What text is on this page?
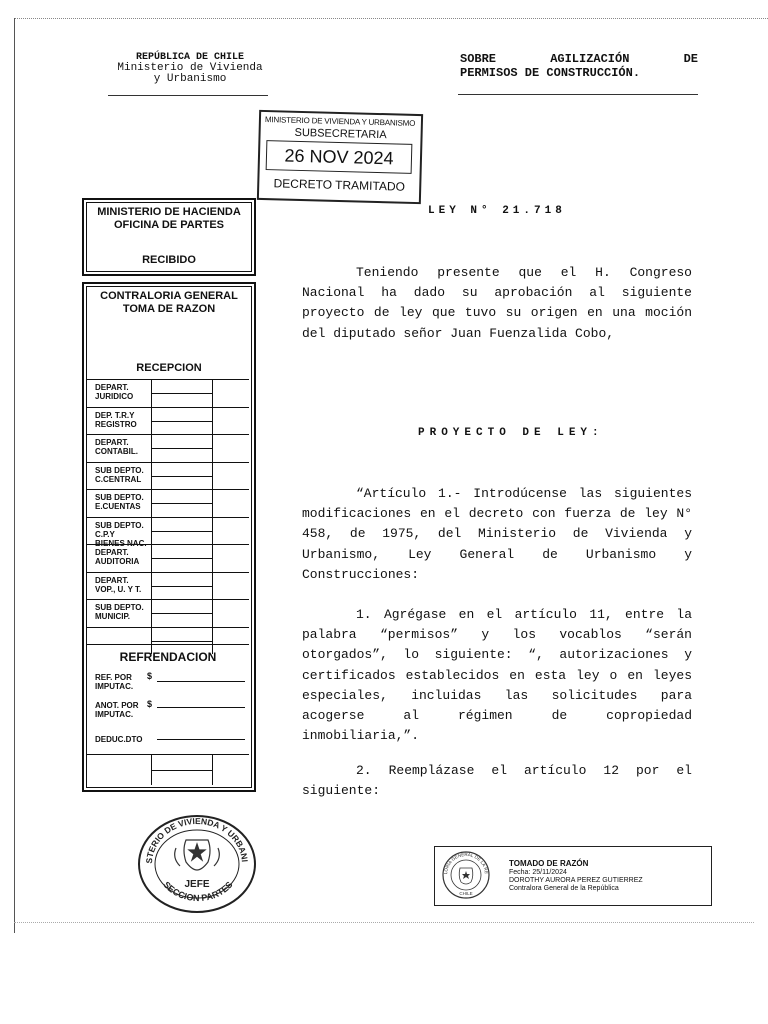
REPÚBLICA DE CHILE
Ministerio de Vivienda
y Urbanismo
SOBRE	AGILIZACIÓN	DE
PERMISOS DE CONSTRUCCIÓN.
MINISTERIO DE VIVIENDA Y URBANISMO
SUBSECRETARIA
26 NOV 2024
DECRETO TRAMITADO
MINISTERIO DE HACIENDA
OFICINA DE PARTES
RECIBIDO
CONTRALORIA GENERAL
TOMA DE RAZON
RECEPCION
DEPART.
JURIDICO
DEP. T.R.Y
REGISTRO
DEPART.
CONTABIL.
SUB DEPTO.
C.CENTRAL
SUB DEPTO.
E.CUENTAS
SUB DEPTO. C.P.Y
BIENES NAC.
DEPART.
AUDITORIA
DEPART.
VOP., U. Y T.
SUB DEPTO.
MUNICIP.
REFRENDACION
REF. POR
IMPUTAC.
$
ANOT. POR
IMPUTAC.
$
DEDUC.DTO
LEY N° 21.718

Teniendo presente que el H. Congreso Nacional ha dado su aprobación al siguiente proyecto de ley que tuvo su origen en una moción del diputado señor Juan Fuenzalida Cobo,

PROYECTO DE LEY:

“Artículo 1.- Introdúcense las siguientes modificaciones en el decreto con fuerza de ley N° 458, de 1975, del Ministerio de Vivienda y Urbanismo, Ley General de Urbanismo y Construcciones:

1. Agrégase en el artículo 11, entre la palabra “permisos” y los vocablos “serán otorgados”, lo siguiente: “, autorizaciones y certificados establecidos en esta ley o en leyes especiales, incluidas las solicitudes para acogerse al régimen de copropiedad inmobiliaria,”.

2. Reemplázase el artículo 12 por el siguiente:

STERIO DE VIVIENDA Y URBANI
SECCION PARTES
JEFE
LORIA GENERAL DE LA RE
CHILE
TOMADO DE RAZÓN
Fecha: 25/11/2024
DOROTHY AURORA PEREZ GUTIERREZ
Contralora General de la República
